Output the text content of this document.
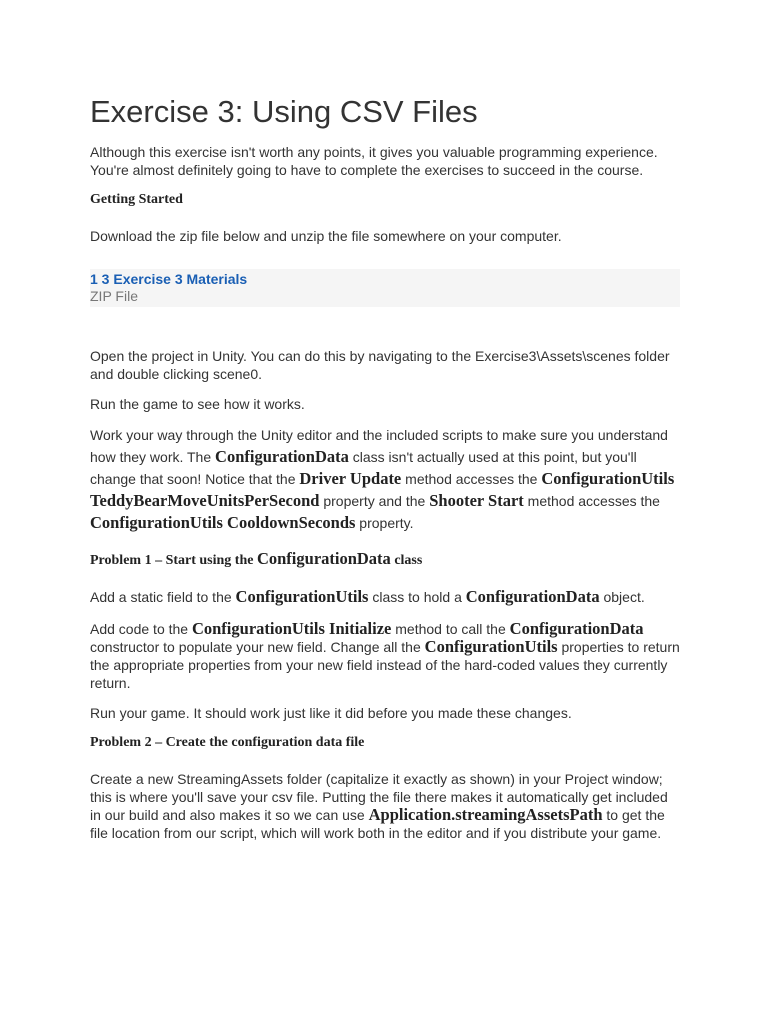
Exercise 3: Using CSV Files

Although this exercise isn't worth any points, it gives you valuable programming experience. You're almost definitely going to have to complete the exercises to succeed in the course.

Getting Started

Download the zip file below and unzip the file somewhere on your computer.

1 3 Exercise 3 Materials
ZIP File

Open the project in Unity. You can do this by navigating to the Exercise3\Assets\scenes folder and double clicking scene0.

Run the game to see how it works.

Work your way through the Unity editor and the included scripts to make sure you understand how they work. The ConfigurationData class isn't actually used at this point, but you'll change that soon! Notice that the Driver Update method accesses the ConfigurationUtils TeddyBearMoveUnitsPerSecond property and the Shooter Start method accesses the ConfigurationUtils CooldownSeconds property.

Problem 1 – Start using the ConfigurationData class

Add a static field to the ConfigurationUtils class to hold a ConfigurationData object.

Add code to the ConfigurationUtils Initialize method to call the ConfigurationData constructor to populate your new field. Change all the ConfigurationUtils properties to return the appropriate properties from your new field instead of the hard-coded values they currently return.

Run your game. It should work just like it did before you made these changes.

Problem 2 – Create the configuration data file

Create a new StreamingAssets folder (capitalize it exactly as shown) in your Project window; this is where you'll save your csv file. Putting the file there makes it automatically get included in our build and also makes it so we can use Application.streamingAssetsPath to get the file location from our script, which will work both in the editor and if you distribute your game.
